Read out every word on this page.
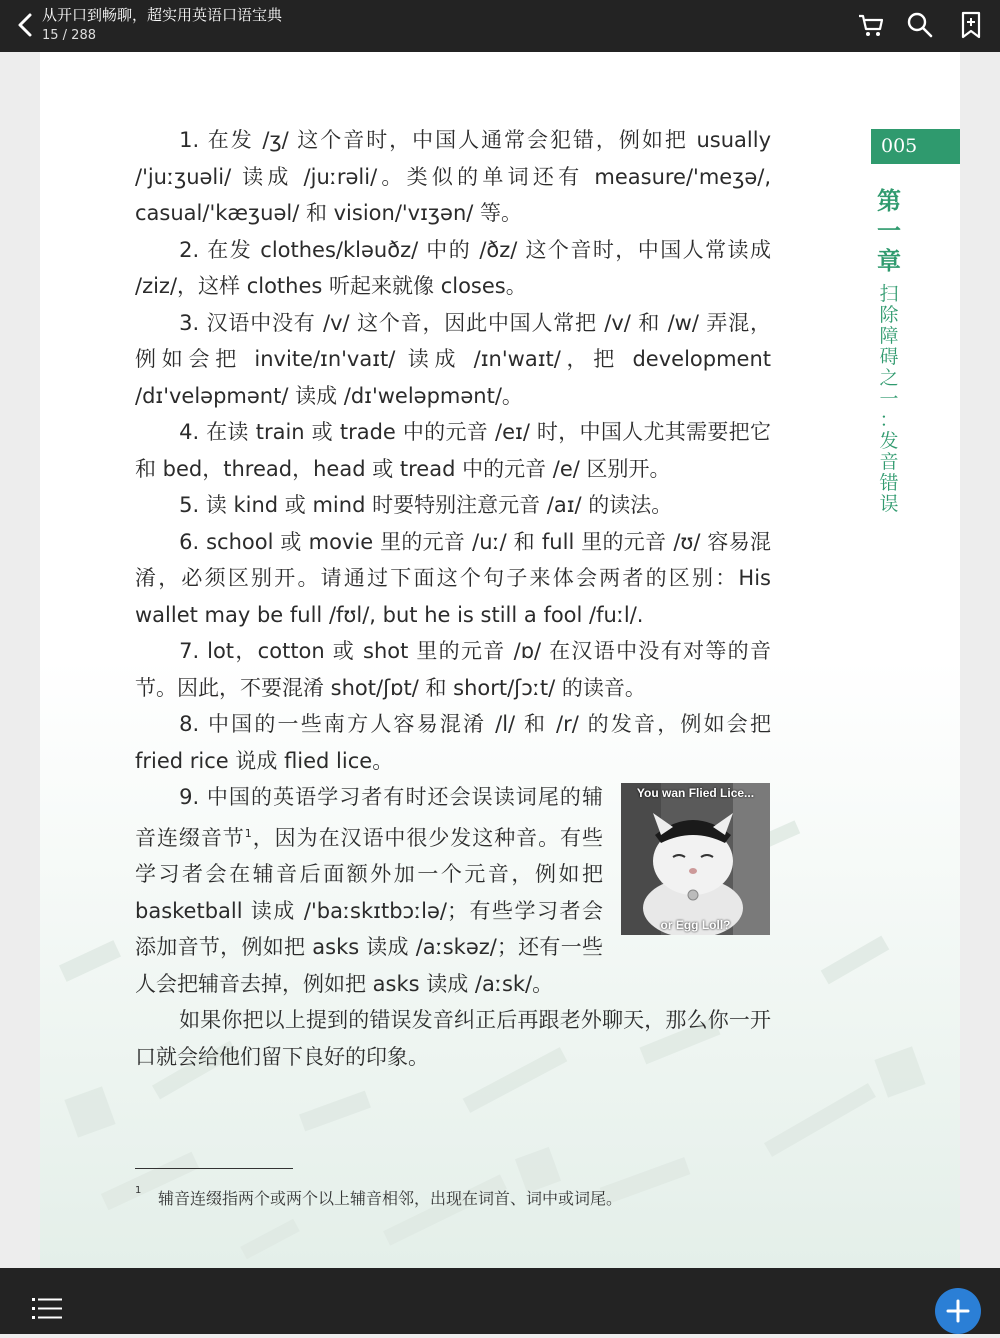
从开口到畅聊，超实用英语口语宝典
15 / 288
005
第
一
章
扫
除
障
碍
之
一
：
发
音
错
误

1. 在发 /ʒ/ 这个音时，中国人通常会犯错，例如把 usually /'juːʒuəli/ 读成 /juːrəli/。类似的单词还有 measure/'meʒə/, casual/'kæʒuəl/ 和 vision/'vɪʒən/ 等。

2. 在发 clothes/kləuðz/ 中的 /ðz/ 这个音时，中国人常读成 /ziz/，这样 clothes 听起来就像 closes。

3. 汉语中没有 /v/ 这个音，因此中国人常把 /v/ 和 /w/ 弄混，例如会把 invite/ɪn'vaɪt/ 读成 /ɪn'waɪt/，把 development /dɪ'veləpmənt/ 读成 /dɪ'weləpmənt/。

4. 在读 train 或 trade 中的元音 /eɪ/ 时，中国人尤其需要把它和 bed，thread，head 或 tread 中的元音 /e/ 区别开。

5. 读 kind 或 mind 时要特别注意元音 /aɪ/ 的读法。

6. school 或 movie 里的元音 /uː/ 和 full 里的元音 /ʊ/ 容易混淆，必须区别开。请通过下面这个句子来体会两者的区别：His wallet may be full /fʊl/, but he is still a fool /fuːl/.

7. lot，cotton 或 shot 里的元音 /ɒ/ 在汉语中没有对等的音节。因此，不要混淆 shot/ʃɒt/ 和 short/ʃɔːt/ 的读音。

8. 中国的一些南方人容易混淆 /l/ 和 /r/ 的发音，例如会把 fried rice 说成 flied lice。

9. 中国的英语学习者有时还会误读词尾的辅音连缀音节$^1$，因为在汉语中很少发这种音。有些学习者会在辅音后面额外加一个元音，例如把 basketball 读成 /'baːskɪtbɔːlə/；有些学习者会添加音节，例如把 asks 读成 /aːskəz/；还有一些人会把辅音去掉，例如把 asks 读成 /aːsk/。

如果你把以上提到的错误发音纠正后再跟老外聊天，那么你一开口就会给他们留下良好的印象。

You wan Flied Lice...
or Egg Loll?
1 辅音连缀指两个或两个以上辅音相邻，出现在词首、词中或词尾。
